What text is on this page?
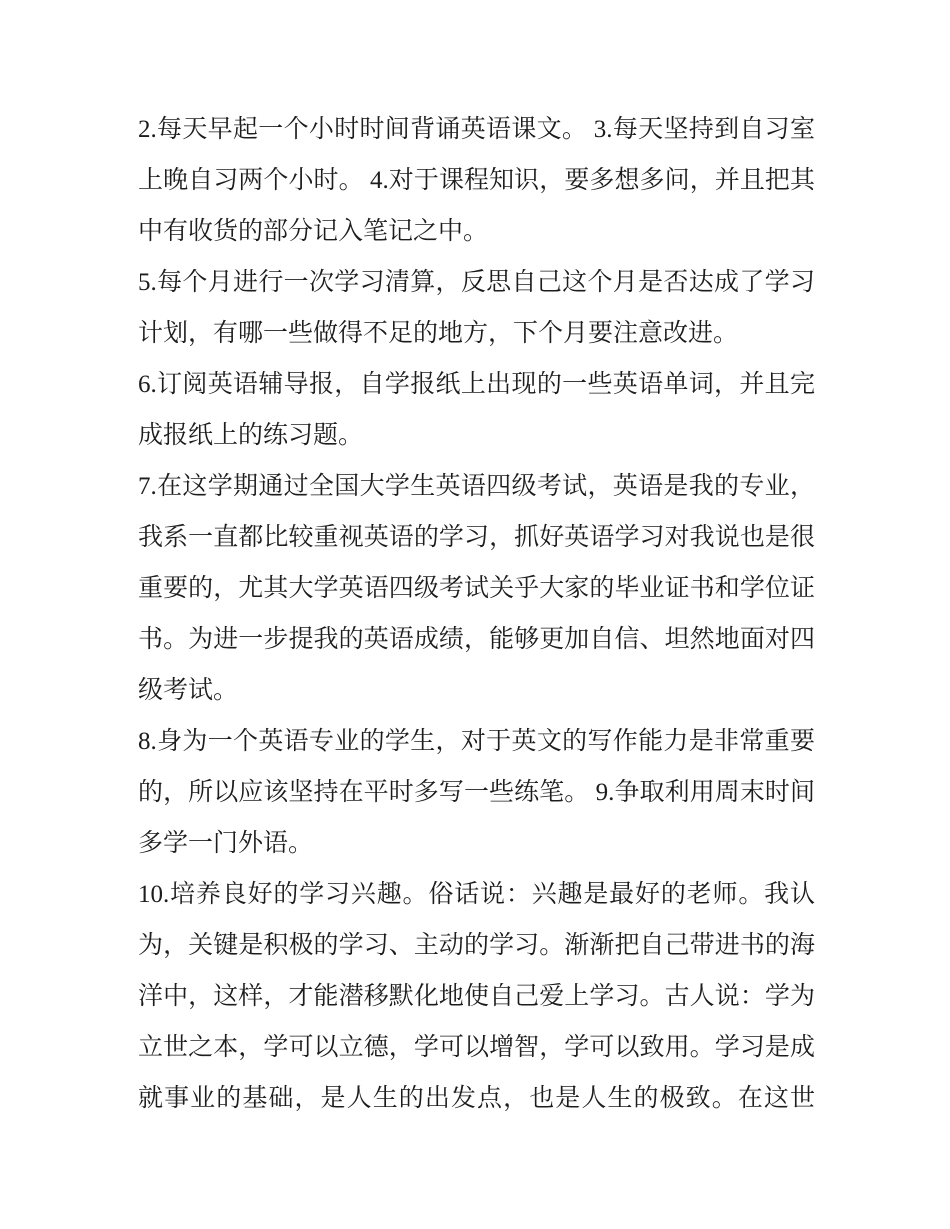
2.每天早起一个小时时间背诵英语课文。 3.每天坚持到自习室
上晚自习两个小时。 4.对于课程知识，要多想多问，并且把其
中有收货的部分记入笔记之中。
5.每个月进行一次学习清算，反思自己这个月是否达成了学习
计划，有哪一些做得不足的地方，下个月要注意改进。
6.订阅英语辅导报，自学报纸上出现的一些英语单词，并且完
成报纸上的练习题。
7.在这学期通过全国大学生英语四级考试，英语是我的专业，
我系一直都比较重视英语的学习，抓好英语学习对我说也是很
重要的，尤其大学英语四级考试关乎大家的毕业证书和学位证
书。为进一步提我的英语成绩，能够更加自信、坦然地面对四
级考试。
8.身为一个英语专业的学生，对于英文的写作能力是非常重要
的，所以应该坚持在平时多写一些练笔。 9.争取利用周末时间
多学一门外语。
10.培养良好的学习兴趣。俗话说：兴趣是最好的老师。我认
为，关键是积极的学习、主动的学习。渐渐把自己带进书的海
洋中，这样，才能潜移默化地使自己爱上学习。古人说：学为
立世之本，学可以立德，学可以增智，学可以致用。学习是成
就事业的基础，是人生的出发点，也是人生的极致。在这世
